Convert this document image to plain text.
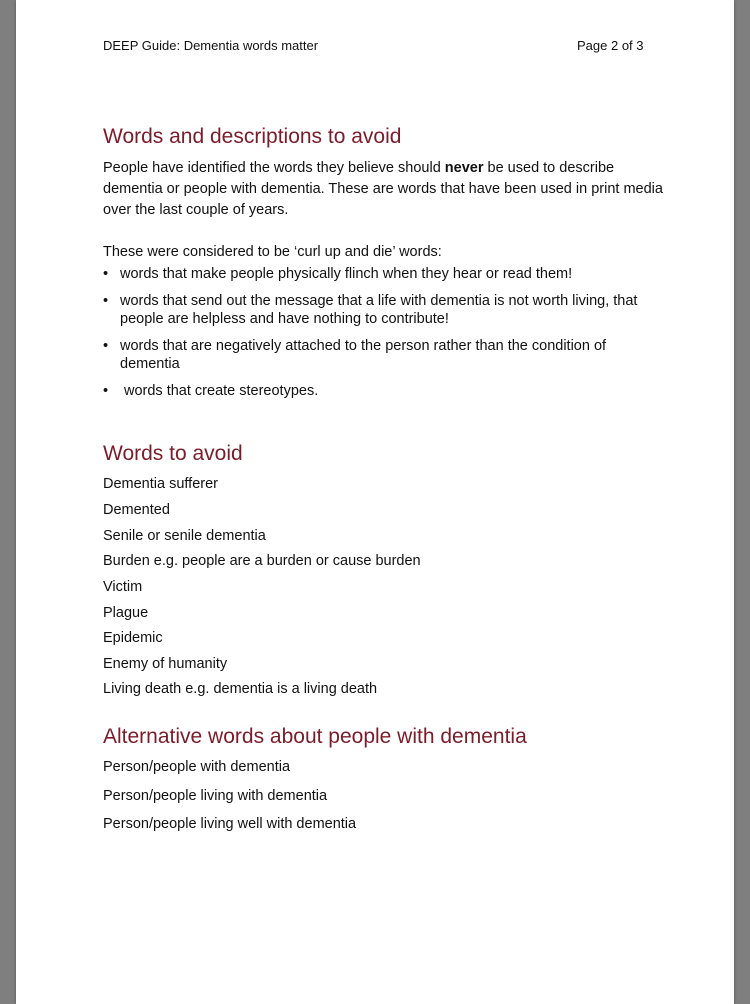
DEEP Guide: Dementia words matter	Page 2 of 3
Words and descriptions to avoid

People have identified the words they believe should never be used to describe dementia or people with dementia. These are words that have been used in print media over the last couple of years.

These were considered to be ‘curl up and die’ words:

• words that make people physically flinch when they hear or read them!
• words that send out the message that a life with dementia is not worth living, that people are helpless and have nothing to contribute!
• words that are negatively attached to the person rather than the condition of dementia
•	words that create stereotypes.
Words to avoid
Dementia sufferer
Demented
Senile or senile dementia
Burden e.g. people are a burden or cause burden
Victim
Plague
Epidemic
Enemy of humanity
Living death e.g. dementia is a living death
Alternative words about people with dementia
Person/people with dementia
Person/people living with dementia
Person/people living well with dementia
